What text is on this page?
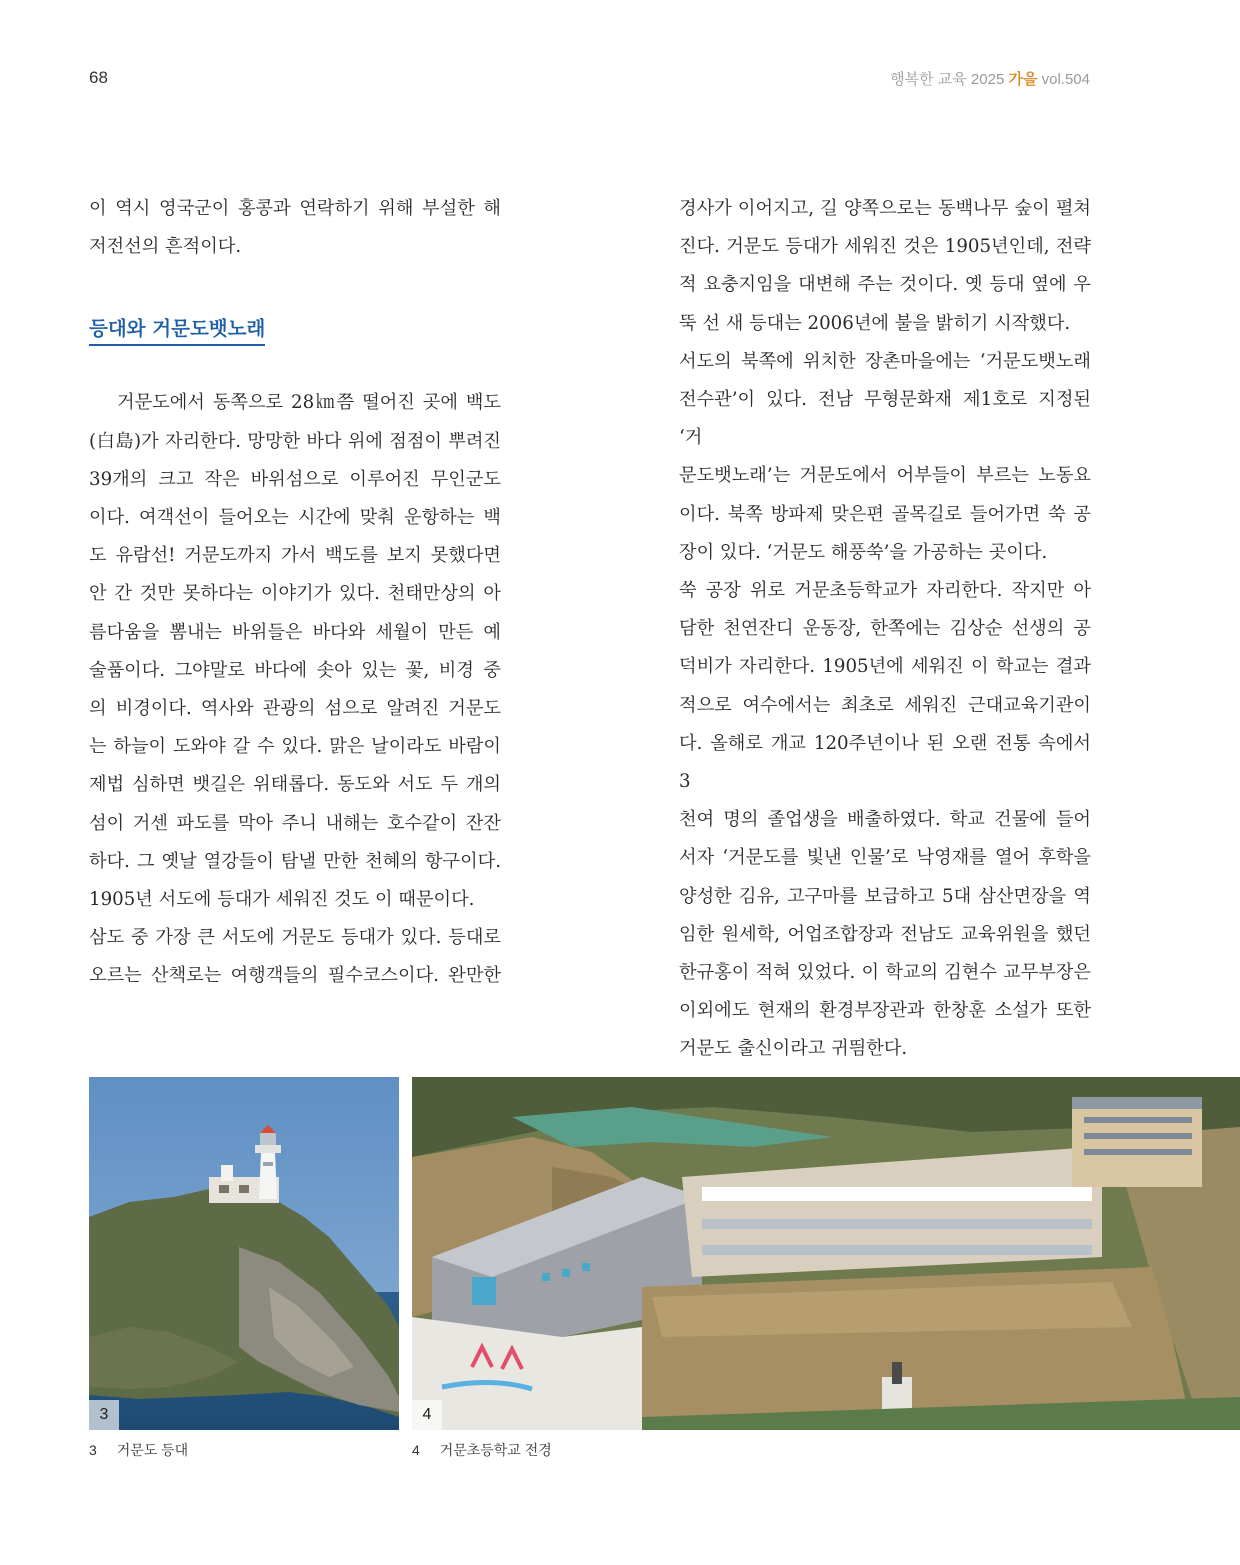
68	행복한 교육 2025 가을 vol.504

이 역시 영국군이 홍콩과 연락하기 위해 부설한 해

저전선의 흔적이다.

등대와 거문도뱃노래

거문도에서 동쪽으로 28㎞쯤 떨어진 곳에 백도

(白島)가 자리한다. 망망한 바다 위에 점점이 뿌려진

39개의 크고 작은 바위섬으로 이루어진 무인군도

이다. 여객선이 들어오는 시간에 맞춰 운항하는 백

도 유람선! 거문도까지 가서 백도를 보지 못했다면

안 간 것만 못하다는 이야기가 있다. 천태만상의 아

름다움을 뽐내는 바위들은 바다와 세월이 만든 예

술품이다. 그야말로 바다에 솟아 있는 꽃, 비경 중

의 비경이다. 역사와 관광의 섬으로 알려진 거문도

는 하늘이 도와야 갈 수 있다. 맑은 날이라도 바람이

제법 심하면 뱃길은 위태롭다. 동도와 서도 두 개의

섬이 거센 파도를 막아 주니 내해는 호수같이 잔잔

하다. 그 옛날 열강들이 탐낼 만한 천혜의 항구이다.

1905년 서도에 등대가 세워진 것도 이 때문이다.

삼도 중 가장 큰 서도에 거문도 등대가 있다. 등대로

오르는 산책로는 여행객들의 필수코스이다. 완만한

경사가 이어지고, 길 양쪽으로는 동백나무 숲이 펼쳐

진다. 거문도 등대가 세워진 것은 1905년인데, 전략

적 요충지임을 대변해 주는 것이다. 옛 등대 옆에 우

뚝 선 새 등대는 2006년에 불을 밝히기 시작했다.

서도의 북쪽에 위치한 장촌마을에는 ‘거문도뱃노래

전수관’이 있다. 전남 무형문화재 제1호로 지정된 ‘거

문도뱃노래’는 거문도에서 어부들이 부르는 노동요

이다. 북쪽 방파제 맞은편 골목길로 들어가면 쑥 공

장이 있다. ‘거문도 해풍쑥’을 가공하는 곳이다.

쑥 공장 위로 거문초등학교가 자리한다. 작지만 아

담한 천연잔디 운동장, 한쪽에는 김상순 선생의 공

덕비가 자리한다. 1905년에 세워진 이 학교는 결과

적으로 여수에서는 최초로 세워진 근대교육기관이

다. 올해로 개교 120주년이나 된 오랜 전통 속에서 3

천여 명의 졸업생을 배출하였다. 학교 건물에 들어

서자 ‘거문도를 빛낸 인물’로 낙영재를 열어 후학을

양성한 김유, 고구마를 보급하고 5대 삼산면장을 역

임한 원세학, 어업조합장과 전남도 교육위원을 했던

한규홍이 적혀 있었다. 이 학교의 김현수 교무부장은

이외에도 현재의 환경부장관과 한창훈 소설가 또한

거문도 출신이라고 귀띔한다.

3	4
3 거문도 등대	4 거문초등학교 전경
